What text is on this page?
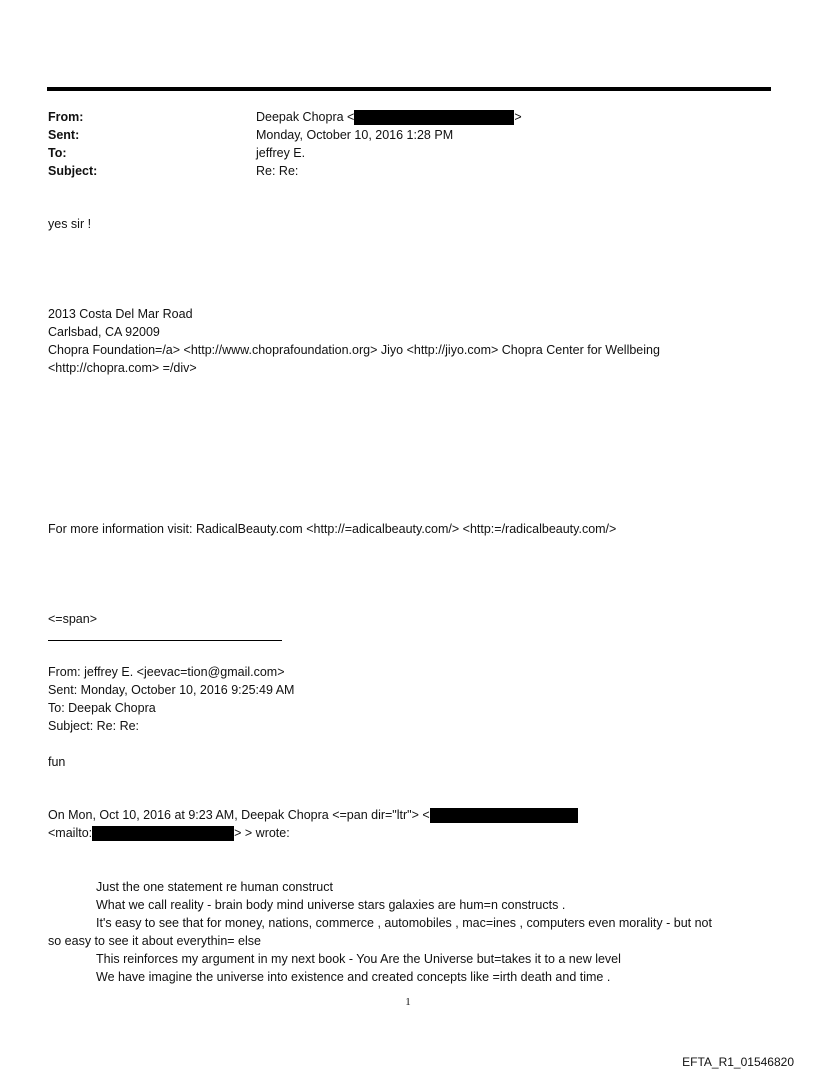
From:	Deepak Chopra <	>
Sent:	Monday, October 10, 2016 1:28 PM
To:	jeffrey E.
Subject:	Re: Re:
yes sir !
2013 Costa Del Mar Road
Carlsbad, CA 92009
Chopra Foundation=/a> <http://www.choprafoundation.org> Jiyo <http://jiyo.com> Chopra Center for Wellbeing
<http://chopra.com> =/div>
For more information visit: RadicalBeauty.com <http://=adicalbeauty.com/> <http:=/radicalbeauty.com/>
<=span>
From: jeffrey E. <jeevac=tion@gmail.com>
Sent: Monday, October 10, 2016 9:25:49 AM
To: Deepak Chopra
Subject: Re: Re:
fun
On Mon, Oct 10, 2016 at 9:23 AM, Deepak Chopra <=pan dir="ltr"> <
<mailto:	> > wrote:
Just the one statement re human construct
What we call reality - brain body mind universe stars galaxies are hum=n constructs .
It's easy to see that for money, nations, commerce , automobiles , mac=ines , computers even morality - but not
so easy to see it about everythin= else
This reinforces my argument in my next book - You Are the Universe but=takes it to a new level
We have imagine the universe into existence and created concepts like =irth death and time .
1
EFTA_R1_01546820
